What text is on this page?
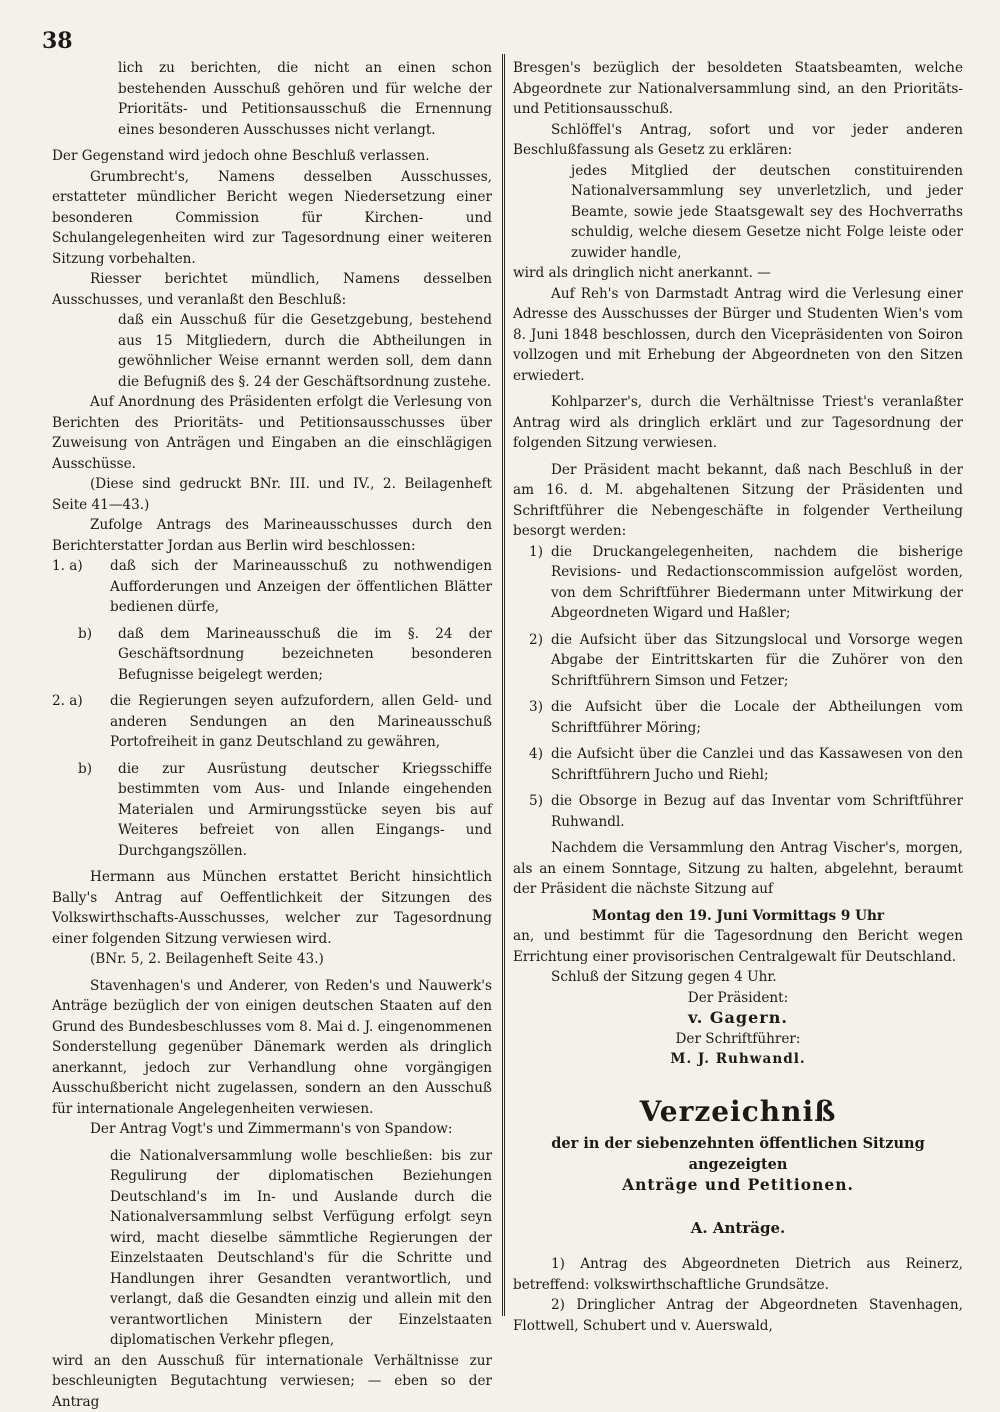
38

lich zu berichten, die nicht an einen schon bestehenden Ausschuß gehören und für welche der Prioritäts- und Petitionsausschuß die Ernennung eines besonderen Ausschusses nicht verlangt.

Der Gegenstand wird jedoch ohne Beschluß verlassen.

Grumbrecht's, Namens desselben Ausschusses, erstatteter mündlicher Bericht wegen Niedersetzung einer besonderen Commission für Kirchen- und Schulangelegenheiten wird zur Tagesordnung einer weiteren Sitzung vorbehalten.

Riesser berichtet mündlich, Namens desselben Ausschusses, und veranlaßt den Beschluß:

daß ein Ausschuß für die Gesetzgebung, bestehend aus 15 Mitgliedern, durch die Abtheilungen in gewöhnlicher Weise ernannt werden soll, dem dann die Befugniß des §. 24 der Geschäftsordnung zustehe.

Auf Anordnung des Präsidenten erfolgt die Verlesung von Berichten des Prioritäts- und Petitionsausschusses über Zuweisung von Anträgen und Eingaben an die einschlägigen Ausschüsse.

(Diese sind gedruckt BNr. III. und IV., 2. Beilagenheft Seite 41—43.)

Zufolge Antrags des Marineausschusses durch den Berichterstatter Jordan aus Berlin wird beschlossen:

1. a)	daß sich der Marineausschuß zu nothwendigen Aufforderungen und Anzeigen der öffentlichen Blätter bedienen dürfe,
b)	daß dem Marineausschuß die im §. 24 der Geschäftsordnung bezeichneten besonderen Befugnisse beigelegt werden;
2. a)	die Regierungen seyen aufzufordern, allen Geld- und anderen Sendungen an den Marineausschuß Portofreiheit in ganz Deutschland zu gewähren,
b)	die zur Ausrüstung deutscher Kriegsschiffe bestimmten vom Aus- und Inlande eingehenden Materialen und Armirungsstücke seyen bis auf Weiteres befreiet von allen Eingangs- und Durchgangszöllen.

Hermann aus München erstattet Bericht hinsichtlich Bally's Antrag auf Oeffentlichkeit der Sitzungen des Volkswirthschafts-Ausschusses, welcher zur Tagesordnung einer folgenden Sitzung verwiesen wird.

(BNr. 5, 2. Beilagenheft Seite 43.)

Stavenhagen's und Anderer, von Reden's und Nauwerk's Anträge bezüglich der von einigen deutschen Staaten auf den Grund des Bundesbeschlusses vom 8. Mai d. J. eingenommenen Sonderstellung gegenüber Dänemark werden als dringlich anerkannt, jedoch zur Verhandlung ohne vorgängigen Ausschußbericht nicht zugelassen, sondern an den Ausschuß für internationale Angelegenheiten verwiesen.

Der Antrag Vogt's und Zimmermann's von Spandow:

die Nationalversammlung wolle beschließen: bis zur Regulirung der diplomatischen Beziehungen Deutschland's im In- und Auslande durch die Nationalversammlung selbst Verfügung erfolgt seyn wird, macht dieselbe sämmtliche Regierungen der Einzelstaaten Deutschland's für die Schritte und Handlungen ihrer Gesandten verantwortlich, und verlangt, daß die Gesandten einzig und allein mit den verantwortlichen Ministern der Einzelstaaten diplomatischen Verkehr pflegen,

wird an den Ausschuß für internationale Verhältnisse zur beschleunigten Begutachtung verwiesen; — eben so der Antrag

Bresgen's bezüglich der besoldeten Staatsbeamten, welche Abgeordnete zur Nationalversammlung sind, an den Prioritäts- und Petitionsausschuß.

Schlöffel's Antrag, sofort und vor jeder anderen Beschlußfassung als Gesetz zu erklären:

jedes Mitglied der deutschen constituirenden Nationalversammlung sey unverletzlich, und jeder Beamte, sowie jede Staatsgewalt sey des Hochverraths schuldig, welche diesem Gesetze nicht Folge leiste oder zuwider handle,

wird als dringlich nicht anerkannt. —

Auf Reh's von Darmstadt Antrag wird die Verlesung einer Adresse des Ausschusses der Bürger und Studenten Wien's vom 8. Juni 1848 beschlossen, durch den Vicepräsidenten von Soiron vollzogen und mit Erhebung der Abgeordneten von den Sitzen erwiedert.

Kohlparzer's, durch die Verhältnisse Triest's veranlaßter Antrag wird als dringlich erklärt und zur Tagesordnung der folgenden Sitzung verwiesen.

Der Präsident macht bekannt, daß nach Beschluß in der am 16. d. M. abgehaltenen Sitzung der Präsidenten und Schriftführer die Nebengeschäfte in folgender Vertheilung besorgt werden:

1) die Druckangelegenheiten, nachdem die bisherige Revisions- und Redactionscommission aufgelöst worden, von dem Schriftführer Biedermann unter Mitwirkung der Abgeordneten Wigard und Haßler;
2) die Aufsicht über das Sitzungslocal und Vorsorge wegen Abgabe der Eintrittskarten für die Zuhörer von den Schriftführern Simson und Fetzer;
3) die Aufsicht über die Locale der Abtheilungen vom Schriftführer Möring;
4) die Aufsicht über die Canzlei und das Kassawesen von den Schriftführern Jucho und Riehl;
5) die Obsorge in Bezug auf das Inventar vom Schriftführer Ruhwandl.

Nachdem die Versammlung den Antrag Vischer's, morgen, als an einem Sonntage, Sitzung zu halten, abgelehnt, beraumt der Präsident die nächste Sitzung auf

Montag den 19. Juni Vormittags 9 Uhr

an, und bestimmt für die Tagesordnung den Bericht wegen Errichtung einer provisorischen Centralgewalt für Deutschland.

Schluß der Sitzung gegen 4 Uhr.

Der Präsident:

v. Gagern.

Der Schriftführer:

M. J. Ruhwandl.

Verzeichniß

der in der siebenzehnten öffentlichen Sitzung angezeigten

Anträge und Petitionen.

A. Anträge.

1) Antrag des Abgeordneten Dietrich aus Reinerz, betreffend: volkswirthschaftliche Grundsätze.

2) Dringlicher Antrag der Abgeordneten Stavenhagen, Flottwell, Schubert und v. Auerswald,
